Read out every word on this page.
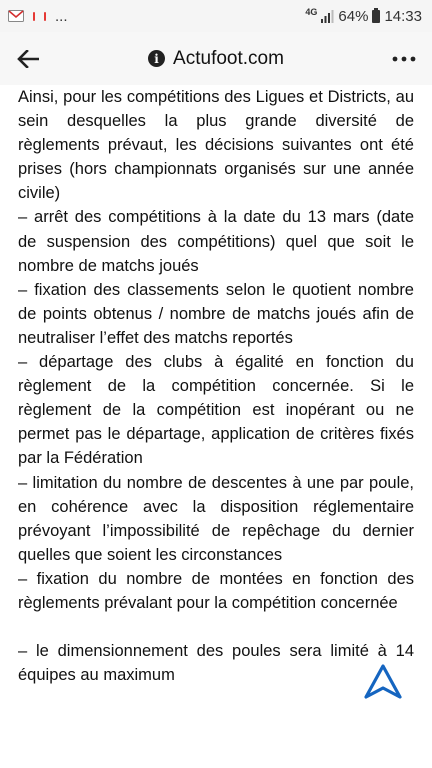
...	4G 64% 14:33
i Actufoot.com

Ainsi, pour les compétitions des Ligues et Districts, au sein desquelles la plus grande diversité de règlements prévaut, les décisions suivantes ont été prises (hors championnats organisés sur une année civile)

– arrêt des compétitions à la date du 13 mars (date de suspension des compétitions) quel que soit le nombre de matchs joués

– fixation des classements selon le quotient nombre de points obtenus / nombre de matchs joués afin de neutraliser l’effet des matchs reportés

– départage des clubs à égalité en fonction du règlement de la compétition concernée. Si le règlement de la compétition est inopérant ou ne permet pas le départage, application de critères fixés par la Fédération

– limitation du nombre de descentes à une par poule, en cohérence avec la disposition réglementaire prévoyant l’impossibilité de repêchage du dernier quelles que soient les circonstances

– fixation du nombre de montées en fonction des règlements prévalant pour la compétition concernée

– le dimensionnement des poules sera limité à 14 équipes au maximum
